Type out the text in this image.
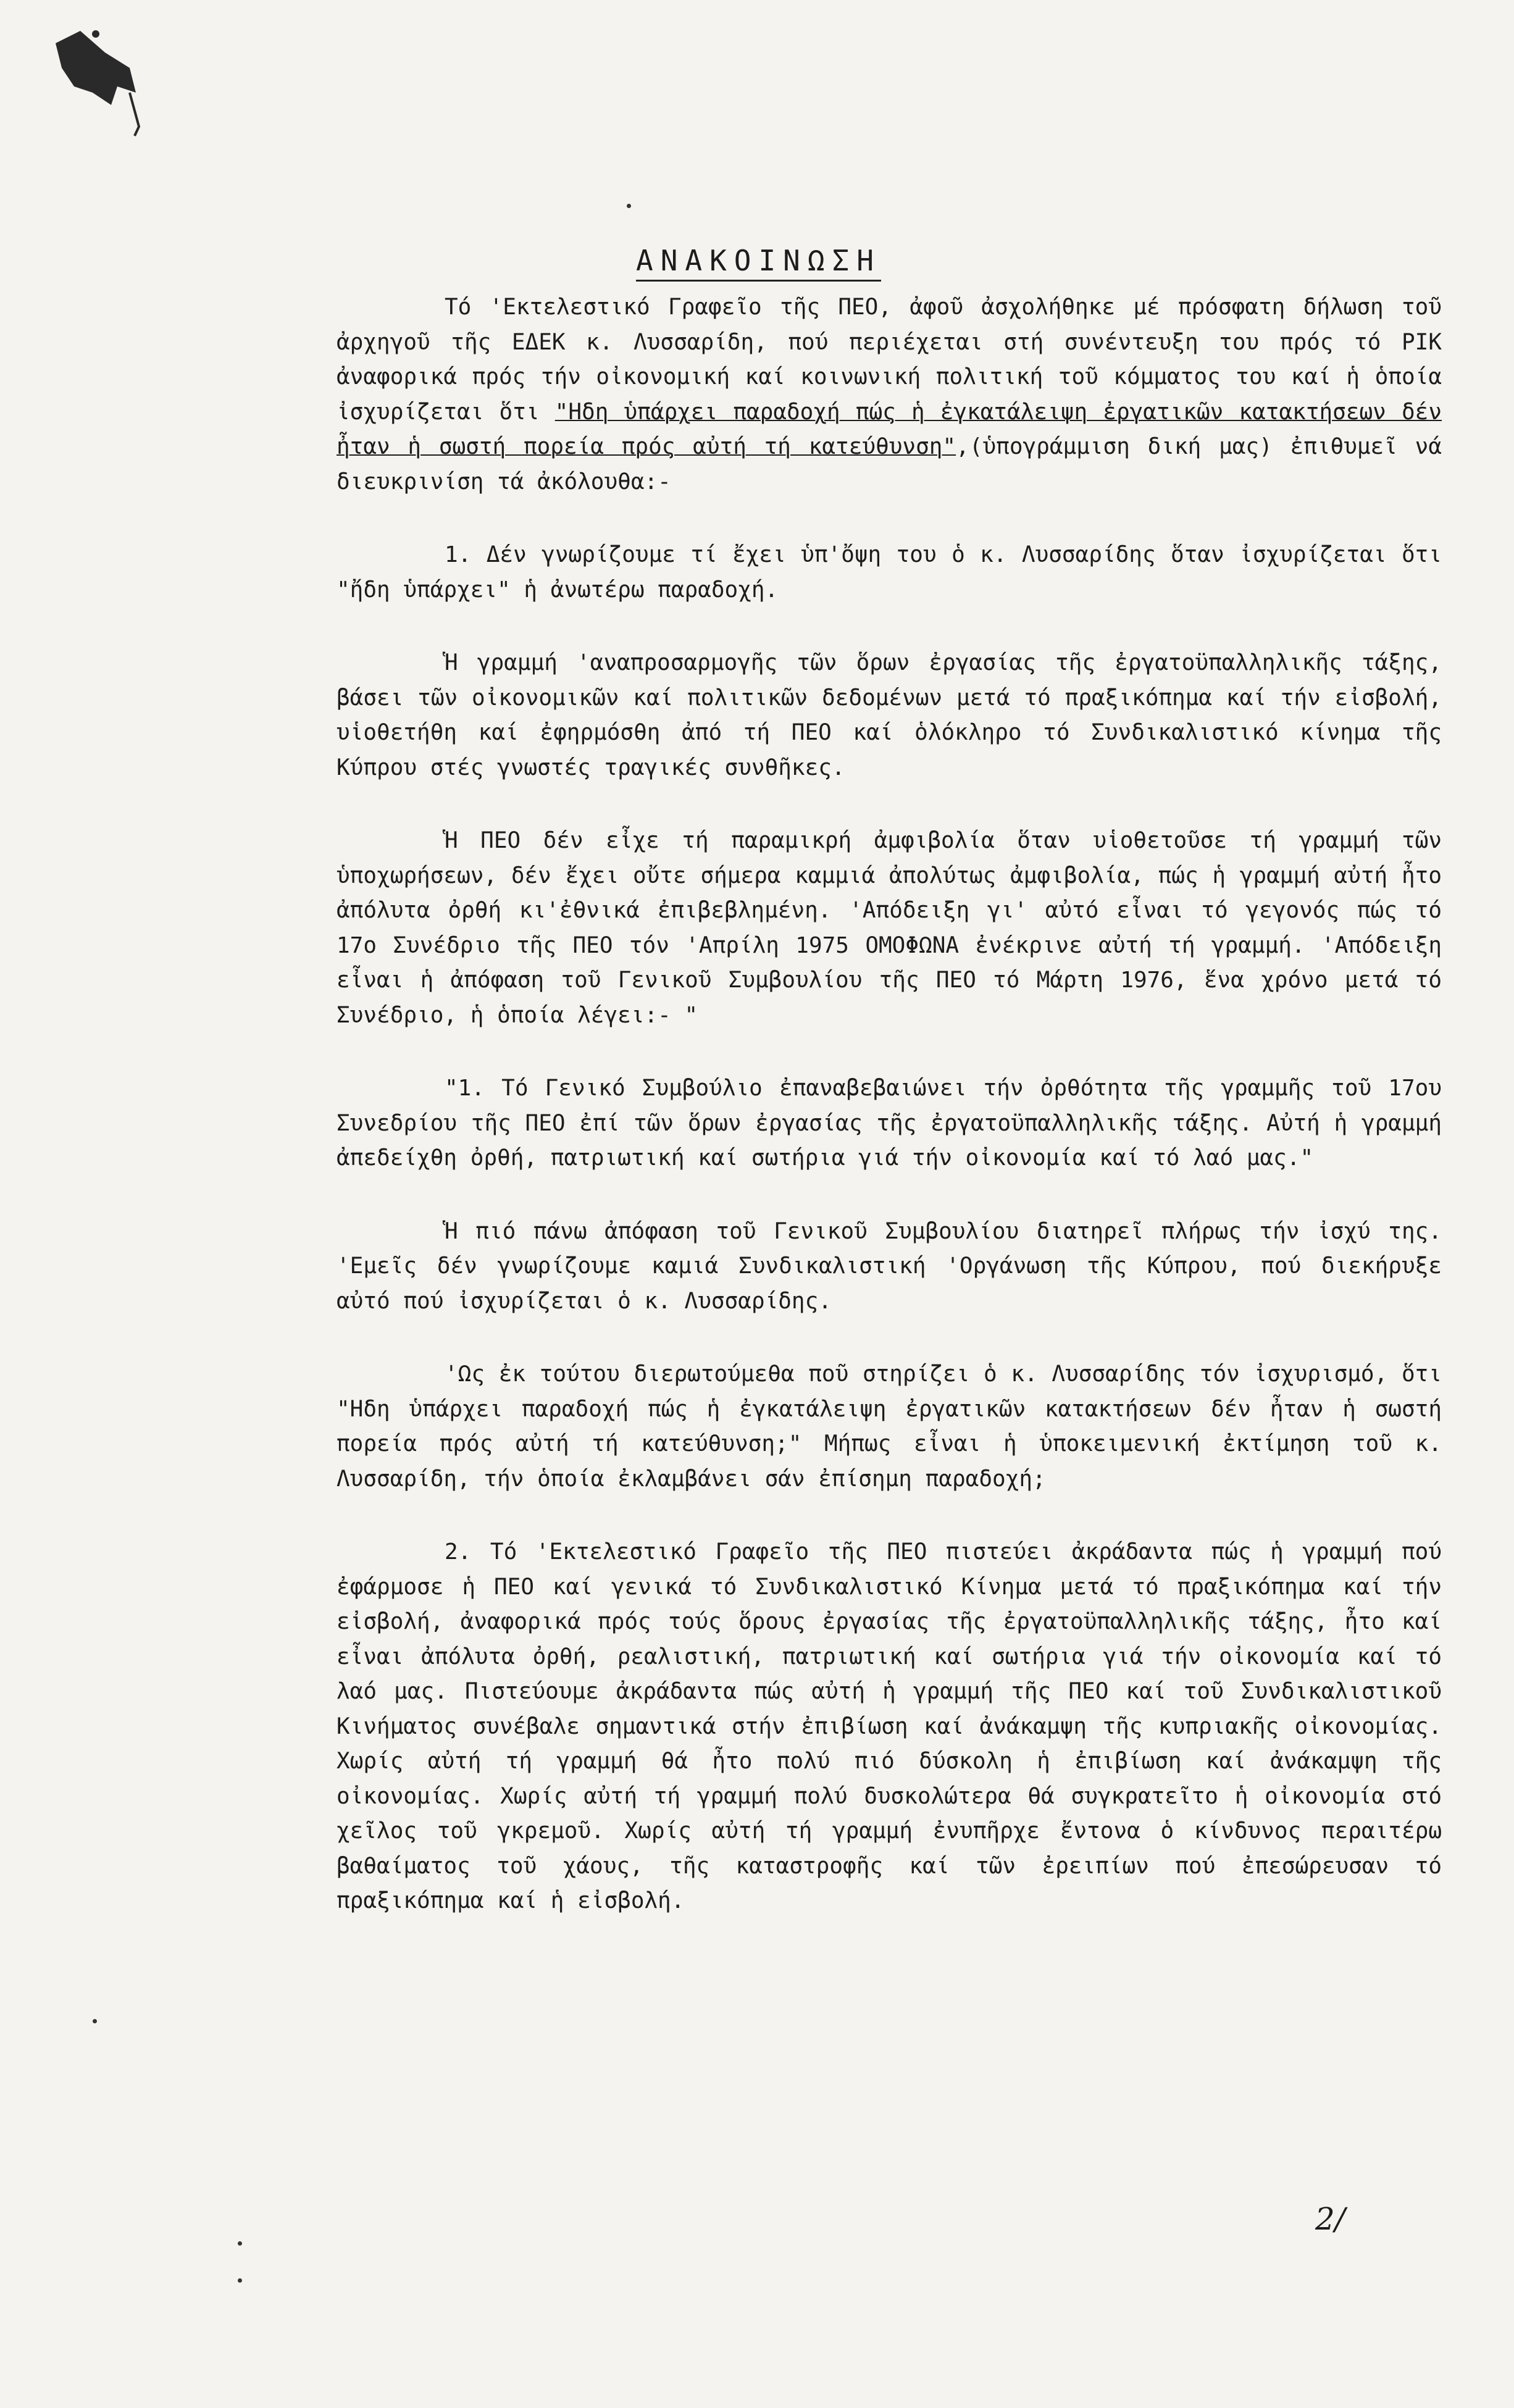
ΑΝΑΚΟΙΝΩΣΗ

Τό 'Εκτελεστικό Γραφεῖο τῆς ΠΕΟ, ἀφοῦ ἀσχολήθηκε μέ πρόσφατη δήλωση τοῦ ἀρχηγοῦ τῆς ΕΔΕΚ κ. Λυσσαρίδη, πού περιέχεται στή συνέντευξη του πρός τό ΡΙΚ ἀναφορικά πρός τήν οἰκονομική καί κοινωνική πολιτική τοῦ κόμματος του καί ἡ ὁποία ἰσχυρίζεται ὅτι "Ηδη ὑπάρχει παραδοχή πώς ἡ ἐγκατάλειψη ἐργατικῶν κατακτήσεων δέν ἦταν ἡ σωστή πορεία πρός αὐτή τή κατεύθυνση",(ὑπογράμμιση δική μας) ἐπιθυμεῖ νά διευκρινίση τά ἀκόλουθα:-

1. Δέν γνωρίζουμε τί ἔχει ὑπ'ὄψη του ὁ κ. Λυσσαρίδης ὅταν ἰσχυρίζεται ὅτι "ἤδη ὑπάρχει" ἡ ἀνωτέρω παραδοχή.

Ἡ γραμμή 'αναπροσαρμογῆς τῶν ὅρων ἐργασίας τῆς ἐργατοϋπαλληλικῆς τάξης, βάσει τῶν οἰκονομικῶν καί πολιτικῶν δεδομένων μετά τό πραξικόπημα καί τήν εἰσβολή, υἱοθετήθη καί ἐφηρμόσθη ἀπό τή ΠΕΟ καί ὁλόκληρο τό Συνδικαλιστικό κίνημα τῆς Κύπρου στές γνωστές τραγικές συνθῆκες.

Ἡ ΠΕΟ δέν εἶχε τή παραμικρή ἀμφιβολία ὅταν υἱοθετοῦσε τή γραμμή τῶν ὑποχωρήσεων, δέν ἔχει οὔτε σήμερα καμμιά ἀπολύτως ἀμφιβολία, πώς ἡ γραμμή αὐτή ἦτο ἀπόλυτα ὀρθή κι'ἐθνικά ἐπιβεβλημένη. 'Απόδειξη γι' αὐτό εἶναι τό γεγονός πώς τό 17ο Συνέδριο τῆς ΠΕΟ τόν 'Απρίλη 1975 ΟΜΟΦΩΝΑ ἐνέκρινε αὐτή τή γραμμή. 'Απόδειξη εἶναι ἡ ἀπόφαση τοῦ Γενικοῦ Συμβουλίου τῆς ΠΕΟ τό Μάρτη 1976, ἕνα χρόνο μετά τό Συνέδριο, ἡ ὁποία λέγει:- "

"1. Τό Γενικό Συμβούλιο ἐπαναβεβαιώνει τήν ὀρθότητα τῆς γραμμῆς τοῦ 17ου Συνεδρίου τῆς ΠΕΟ ἐπί τῶν ὅρων ἐργασίας τῆς ἐργατοϋπαλληλικῆς τάξης. Αὐτή ἡ γραμμή ἀπεδείχθη ὀρθή, πατριωτική καί σωτήρια γιά τήν οἰκονομία καί τό λαό μας."

Ἡ πιό πάνω ἀπόφαση τοῦ Γενικοῦ Συμβουλίου διατηρεῖ πλήρως τήν ἰσχύ της. 'Εμεῖς δέν γνωρίζουμε καμιά Συνδικαλιστική 'Οργάνωση τῆς Κύπρου, πού διεκήρυξε αὐτό πού ἰσχυρίζεται ὁ κ. Λυσσαρίδης.

'Ως ἐκ τούτου διερωτούμεθα ποῦ στηρίζει ὁ κ. Λυσσαρίδης τόν ἰσχυρισμό, ὅτι "Ηδη ὑπάρχει παραδοχή πώς ἡ ἐγκατάλειψη ἐργατικῶν κατακτήσεων δέν ἦταν ἡ σωστή πορεία πρός αὐτή τή κατεύθυνση;" Μήπως εἶναι ἡ ὑποκειμενική ἐκτίμηση τοῦ κ. Λυσσαρίδη, τήν ὁποία ἐκλαμβάνει σάν ἐπίσημη παραδοχή;

2. Τό 'Εκτελεστικό Γραφεῖο τῆς ΠΕΟ πιστεύει ἀκράδαντα πώς ἡ γραμμή πού ἐφάρμοσε ἡ ΠΕΟ καί γενικά τό Συνδικαλιστικό Κίνημα μετά τό πραξικόπημα καί τήν εἰσβολή, ἀναφορικά πρός τούς ὅρους ἐργασίας τῆς ἐργατοϋπαλληλικῆς τάξης, ἦτο καί εἶναι ἀπόλυτα ὀρθή, ρεαλιστική, πατριωτική καί σωτήρια γιά τήν οἰκονομία καί τό λαό μας. Πιστεύουμε ἀκράδαντα πώς αὐτή ἡ γραμμή τῆς ΠΕΟ καί τοῦ Συνδικαλιστικοῦ Κινήματος συνέβαλε σημαντικά στήν ἐπιβίωση καί ἀνάκαμψη τῆς κυπριακῆς οἰκονομίας. Χωρίς αὐτή τή γραμμή θά ἦτο πολύ πιό δύσκολη ἡ ἐπιβίωση καί ἀνάκαμψη τῆς οἰκονομίας. Χωρίς αὐτή τή γραμμή πολύ δυσκολώτερα θά συγκρατεῖτο ἡ οἰκονομία στό χεῖλος τοῦ γκρεμοῦ. Χωρίς αὐτή τή γραμμή ἐνυπῆρχε ἔντονα ὁ κίνδυνος περαιτέρω βαθαίματος τοῦ χάους, τῆς καταστροφῆς καί τῶν ἐρειπίων πού ἐπεσώρευσαν τό πραξικόπημα καί ἡ εἰσβολή.

2/
